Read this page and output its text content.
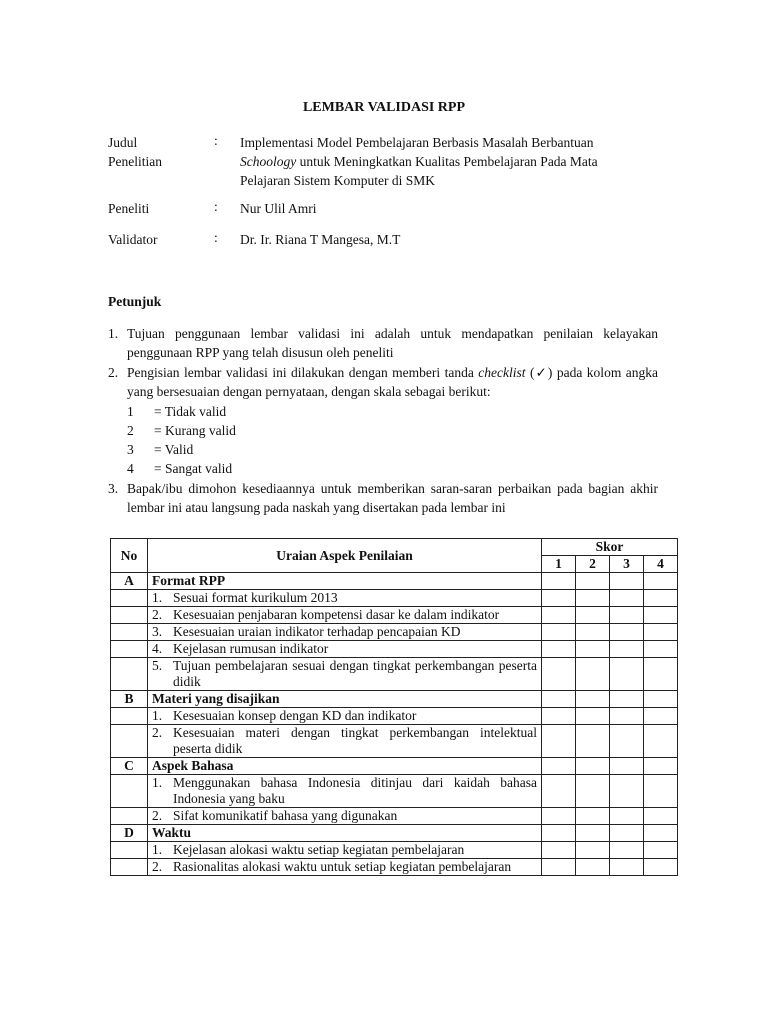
LEMBAR VALIDASI RPP
Judul
Penelitian
: Implementasi Model Pembelajaran Berbasis Masalah Berbantuan
Schoology untuk Meningkatkan Kualitas Pembelajaran Pada Mata
Pelajaran Sistem Komputer di SMK
Peneliti	: Nur Ulil Amri
Validator	: Dr. Ir. Riana T Mangesa, M.T
Petunjuk
1. Tujuan penggunaan lembar validasi ini adalah untuk mendapatkan penilaian kelayakan penggunaan RPP yang telah disusun oleh peneliti
2. Pengisian lembar validasi ini dilakukan dengan memberi tanda checklist (✓) pada kolom angka yang bersesuaian dengan pernyataan, dengan skala sebagai berikut:
1 = Tidak valid
2 = Kurang valid
3 = Valid
4 = Sangat valid
3. Bapak/ibu dimohon kesediaannya untuk memberikan saran-saran perbaikan pada bagian akhir lembar ini atau langsung pada naskah yang disertakan pada lembar ini
No	Uraian Aspek Penilaian	Skor			
		1	2	3	4
A	Format RPP				

	1. Sesuai format kurikulum 2013				

	2. Kesesuaian penjabaran kompetensi dasar ke dalam indikator				

	3. Kesesuaian uraian indikator terhadap pencapaian KD				

	4. Kejelasan rumusan indikator				

	5. Tujuan pembelajaran sesuai dengan tingkat perkembangan peserta didik				

B	Materi yang disajikan				

	1. Kesesuaian konsep dengan KD dan indikator				

	2. Kesesuaian materi dengan tingkat perkembangan intelektual peserta didik				

C	Aspek Bahasa				

	1. Menggunakan bahasa Indonesia ditinjau dari kaidah bahasa Indonesia yang baku				

	2. Sifat komunikatif bahasa yang digunakan				

D	Waktu				

	1. Kejelasan alokasi waktu setiap kegiatan pembelajaran				

	2. Rasionalitas alokasi waktu untuk setiap kegiatan pembelajaran				
